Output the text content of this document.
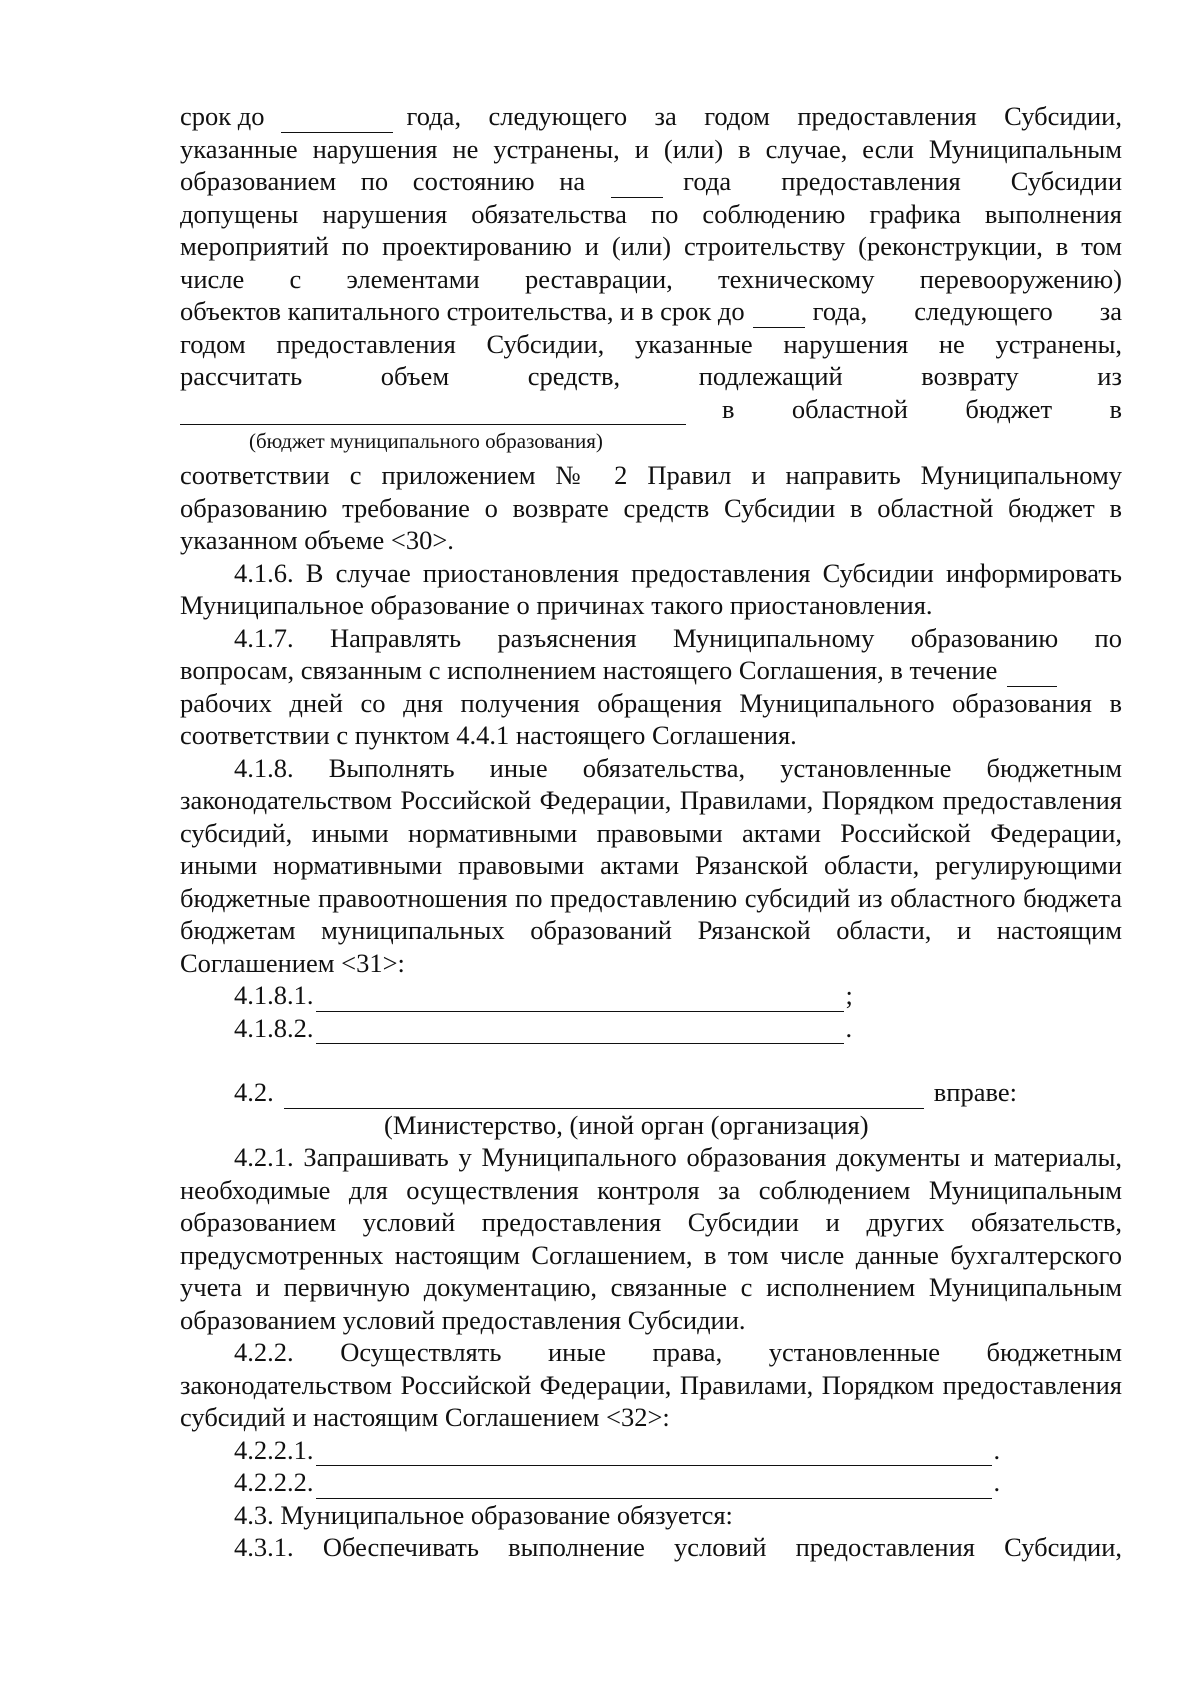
срок до	года, следующего за годом предоставления Субсидии,

указанные нарушения не устранены, и (или) в случае, если Муниципальным

образованием по состоянию на	года предоставления Субсидии

допущены нарушения обязательства по соблюдению графика выполнения мероприятий по проектированию и (или) строительству (реконструкции, в том числе с элементами реставрации, техническому перевооружению)

объектов капитального строительства, и в срок до	года, следующего за

годом предоставления Субсидии, указанные нарушения не устранены,

рассчитать	объем	средств,	подлежащий	возврату	из
в областной бюджет в
(бюджет муниципального образования)

соответствии с приложением № 2 Правил и направить Муниципальному образованию требование о возврате средств Субсидии в областной бюджет в указанном объеме <30>.

4.1.6. В случае приостановления предоставления Субсидии информировать Муниципальное образование о причинах такого приостановления.

4.1.7. Направлять разъяснения Муниципальному образованию по

вопросам, связанным с исполнением настоящего Соглашения, в течение

рабочих дней со дня получения обращения Муниципального образования в соответствии с пунктом 4.4.1 настоящего Соглашения.

4.1.8. Выполнять иные обязательства, установленные бюджетным законодательством Российской Федерации, Правилами, Порядком предоставления субсидий, иными нормативными правовыми актами Российской Федерации, иными нормативными правовыми актами Рязанской области, регулирующими бюджетные правоотношения по предоставлению субсидий из областного бюджета бюджетам муниципальных образований Рязанской области, и настоящим Соглашением <31>:

4.1.8.1.	;
4.1.8.2.	.
4.2.	вправе:

(Министерство, (иной орган (организация)

4.2.1. Запрашивать у Муниципального образования документы и материалы, необходимые для осуществления контроля за соблюдением Муниципальным образованием условий предоставления Субсидии и других обязательств, предусмотренных настоящим Соглашением, в том числе данные бухгалтерского учета и первичную документацию, связанные с исполнением Муниципальным образованием условий предоставления Субсидии.

4.2.2. Осуществлять иные права, установленные бюджетным законодательством Российской Федерации, Правилами, Порядком предоставления субсидий и настоящим Соглашением <32>:

4.2.2.1.	.
4.2.2.2.	.

4.3. Муниципальное образование обязуется:

4.3.1. Обеспечивать выполнение условий предоставления Субсидии,
